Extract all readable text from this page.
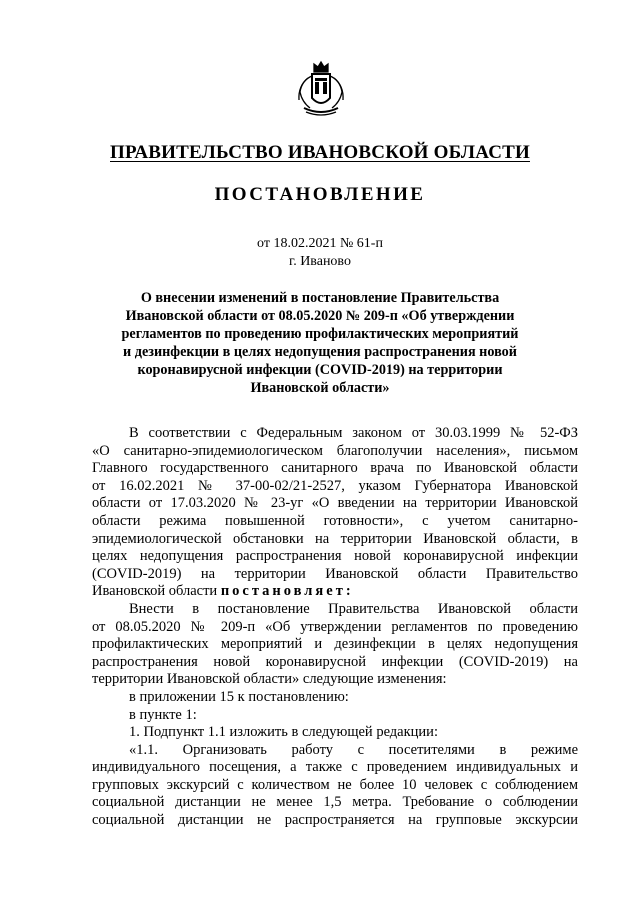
ПРАВИТЕЛЬСТВО ИВАНОВСКОЙ ОБЛАСТИ
ПОСТАНОВЛЕНИЕ
от 18.02.2021 № 61-п
г. Иваново
О внесении изменений в постановление Правительства
Ивановской области от 08.05.2020 № 209-п «Об утверждении
регламентов по проведению профилактических мероприятий
и дезинфекции в целях недопущения распространения новой
коронавирусной инфекции (COVID-2019) на территории
Ивановской области»
В соответствии с Федеральным законом от 30.03.1999 № 52-ФЗ
«О санитарно-эпидемиологическом благополучии населения», письмом
Главного государственного санитарного врача по Ивановской области
от 16.02.2021 № 37-00-02/21-2527, указом Губернатора Ивановской
области от 17.03.2020 № 23-уг «О введении на территории Ивановской
области режима повышенной готовности», с учетом санитарно-
эпидемиологической обстановки на территории Ивановской области, в
целях недопущения распространения новой коронавирусной инфекции
(COVID-2019) на территории Ивановской области Правительство
Ивановской области постановляет:
Внести в постановление Правительства Ивановской области
от 08.05.2020 № 209-п «Об утверждении регламентов по проведению
профилактических мероприятий и дезинфекции в целях недопущения
распространения новой коронавирусной инфекции (COVID-2019) на
территории Ивановской области» следующие изменения:
в приложении 15 к постановлению:
в пункте 1:
1. Подпункт 1.1 изложить в следующей редакции:
«1.1. Организовать работу с посетителями в режиме
индивидуального посещения, а также с проведением индивидуальных и
групповых экскурсий с количеством не более 10 человек с соблюдением
социальной дистанции не менее 1,5 метра. Требование о соблюдении
социальной дистанции не распространяется на групповые экскурсии
